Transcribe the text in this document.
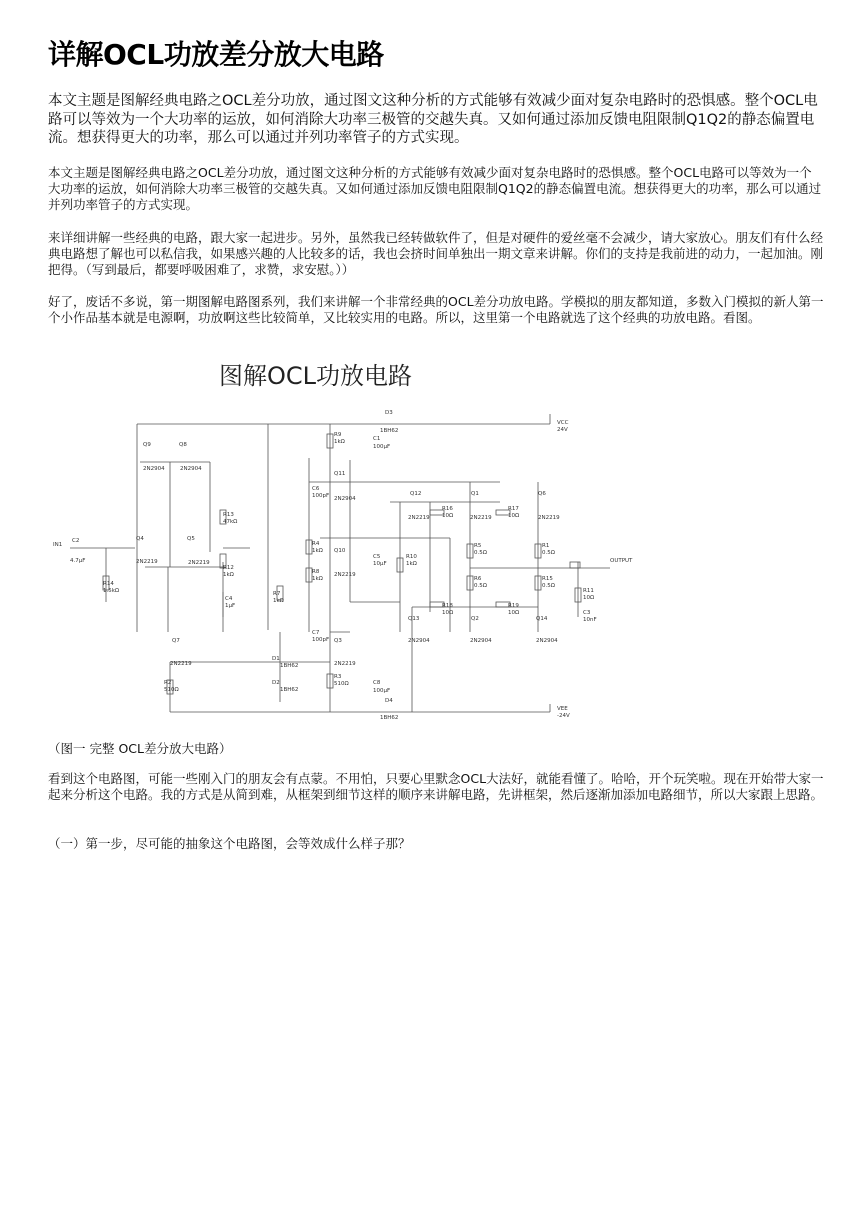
详解OCL功放差分放大电路

本文主题是图解经典电路之OCL差分功放，通过图文这种分析的方式能够有效减少面对复杂电路时的恐惧感。整个OCL电路可以等效为一个大功率的运放，如何消除大功率三极管的交越失真。又如何通过添加反馈电阻限制Q1Q2的静态偏置电流。想获得更大的功率，那么可以通过并列功率管子的方式实现。

本文主题是图解经典电路之OCL差分功放，通过图文这种分析的方式能够有效减少面对复杂电路时的恐惧感。整个OCL电路可以等效为一个大功率的运放，如何消除大功率三极管的交越失真。又如何通过添加反馈电阻限制Q1Q2的静态偏置电流。想获得更大的功率，那么可以通过并列功率管子的方式实现。

来详细讲解一些经典的电路，跟大家一起进步。另外，虽然我已经转做软件了，但是对硬件的爱丝毫不会减少，请大家放心。朋友们有什么经典电路想了解也可以私信我，如果感兴趣的人比较多的话，我也会挤时间单独出一期文章来讲解。你们的支持是我前进的动力，一起加油。刚把得。（写到最后，都要呼吸困难了，求赞，求安慰。））

好了，废话不多说，第一期图解电路图系列，我们来讲解一个非常经典的OCL差分功放电路。学模拟的朋友都知道，多数入门模拟的新人第一个小作品基本就是电源啊，功放啊这些比较简单，又比较实用的电路。所以，这里第一个电路就选了这个经典的功放电路。看图。

图解OCL功放电路
Q9
2N2904
Q8
2N2904
Q4
2N2219
Q5
2N2219
Q7
2N2219
Q3
2N2219
Q11
2N2904
Q10
2N2219
Q12
2N2219
Q1
2N2219
Q6
2N2219
Q13
2N2904
Q2
2N2904
Q14
2N2904
VCC
24V
VEE
-24V
OUTPUT
IN1
C2
4.7μF
R14
1.5kΩ
R13
47kΩ
R12
1kΩ
C4
1μF
R7
1kΩ
R9
1kΩ	C1
100μF
D3
1BH62
C6
100pF
R4
1kΩ
R8
1kΩ
C5
10μF
R10
1kΩ
R16
10Ω
R17
10Ω
R5
0.5Ω
R1
0.5Ω
R6
0.5Ω
R15
0.5Ω
R18
10Ω
R19
10Ω
R11
10Ω
C3
10nF
C7
100pF
D1
1BH62
D2
1BH62
R3
510Ω
R2
510Ω
C8
100μF
D4
1BH62

（图一 完整 OCL差分放大电路）

看到这个电路图，可能一些刚入门的朋友会有点蒙。不用怕，只要心里默念OCL大法好，就能看懂了。哈哈，开个玩笑啦。现在开始带大家一起来分析这个电路。我的方式是从简到难，从框架到细节这样的顺序来讲解电路，先讲框架，然后逐渐加添加电路细节，所以大家跟上思路。

（一）第一步，尽可能的抽象这个电路图，会等效成什么样子那？
